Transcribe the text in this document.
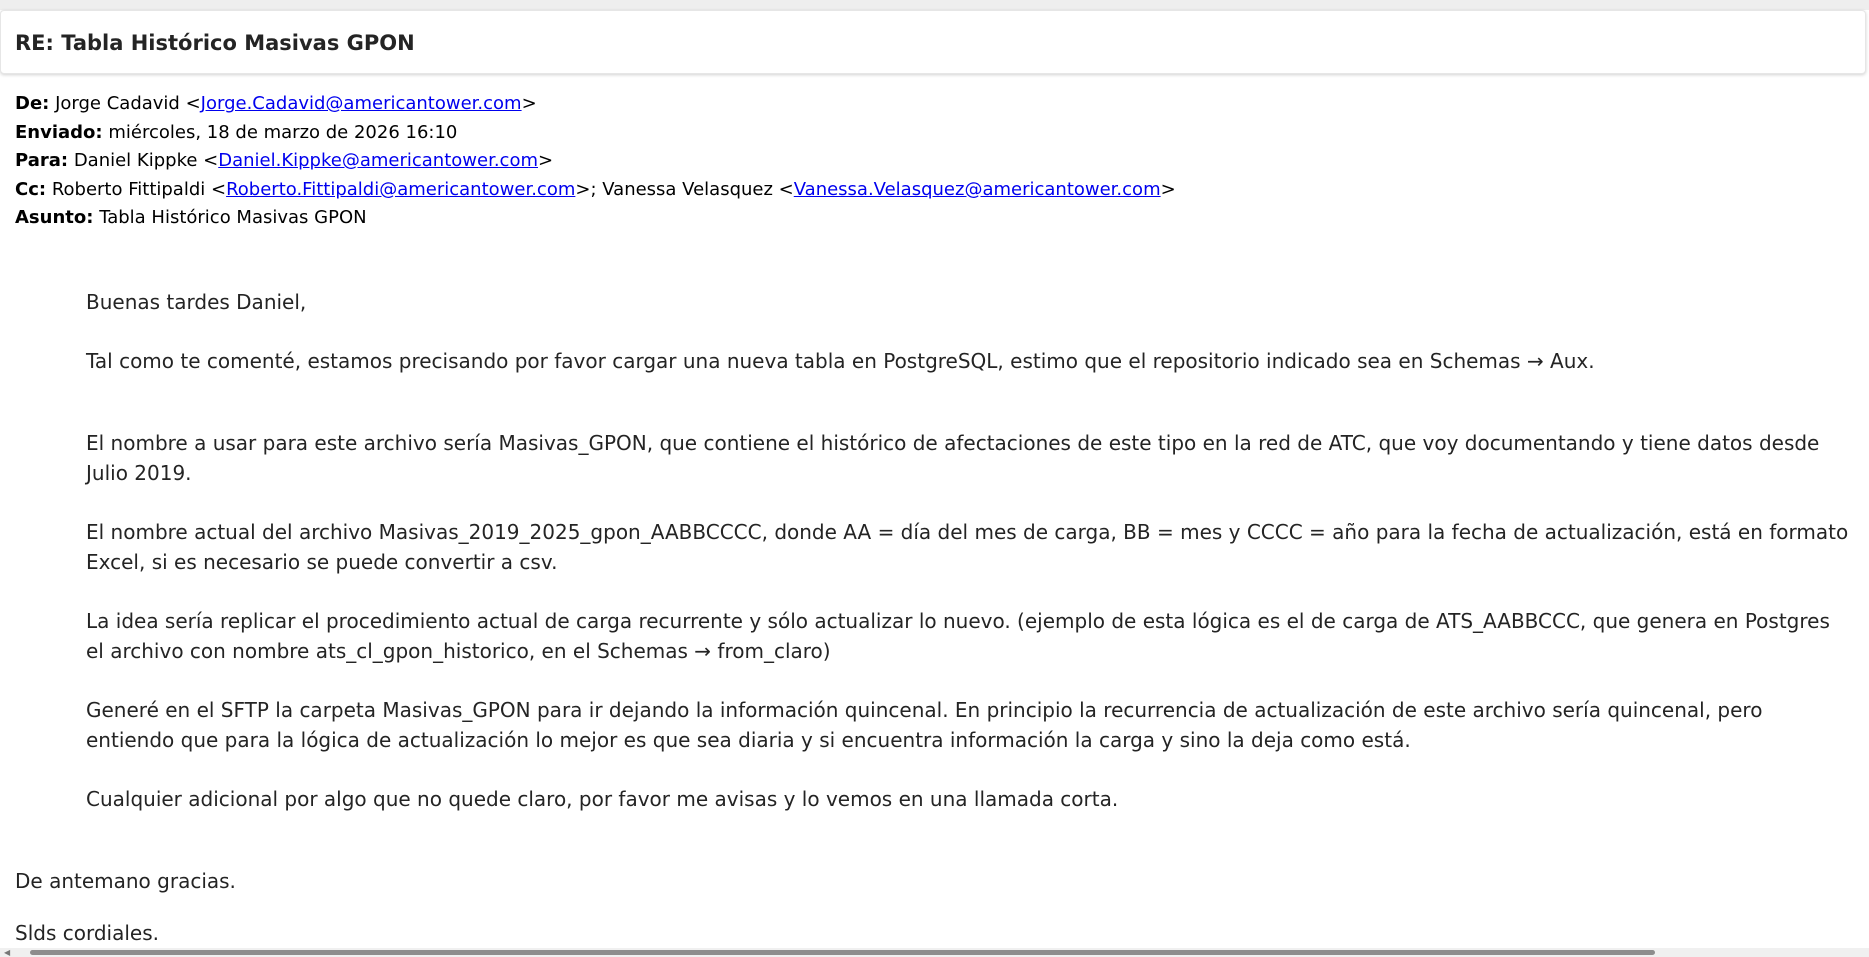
RE: Tabla Histórico Masivas GPON
De: Jorge Cadavid <Jorge.Cadavid@americantower.com>
Enviado: miércoles, 18 de marzo de 2026 16:10
Para: Daniel Kippke <Daniel.Kippke@americantower.com>
Cc: Roberto Fittipaldi <Roberto.Fittipaldi@americantower.com>; Vanessa Velasquez <Vanessa.Velasquez@americantower.com>
Asunto: Tabla Histórico Masivas GPON

Buenas tardes Daniel,

Tal como te comenté, estamos precisando por favor cargar una nueva tabla en PostgreSQL, estimo que el repositorio indicado sea en Schemas → Aux.

El nombre a usar para este archivo sería Masivas_GPON, que contiene el histórico de afectaciones de este tipo en la red de ATC, que voy documentando y tiene datos desde Julio 2019.

El nombre actual del archivo Masivas_2019_2025_gpon_AABBCCCC, donde AA = día del mes de carga, BB = mes y CCCC = año para la fecha de actualización, está en formato Excel, si es necesario se puede convertir a csv.

La idea sería replicar el procedimiento actual de carga recurrente y sólo actualizar lo nuevo. (ejemplo de esta lógica es el de carga de ATS_AABBCCC, que genera en Postgres el archivo con nombre ats_cl_gpon_historico, en el Schemas → from_claro)

Generé en el SFTP la carpeta Masivas_GPON para ir dejando la información quincenal. En principio la recurrencia de actualización de este archivo sería quincenal, pero entiendo que para la lógica de actualización lo mejor es que sea diaria y si encuentra información la carga y sino la deja como está.

Cualquier adicional por algo que no quede claro, por favor me avisas y lo vemos en una llamada corta.

De antemano gracias.
Slds cordiales.
◀
